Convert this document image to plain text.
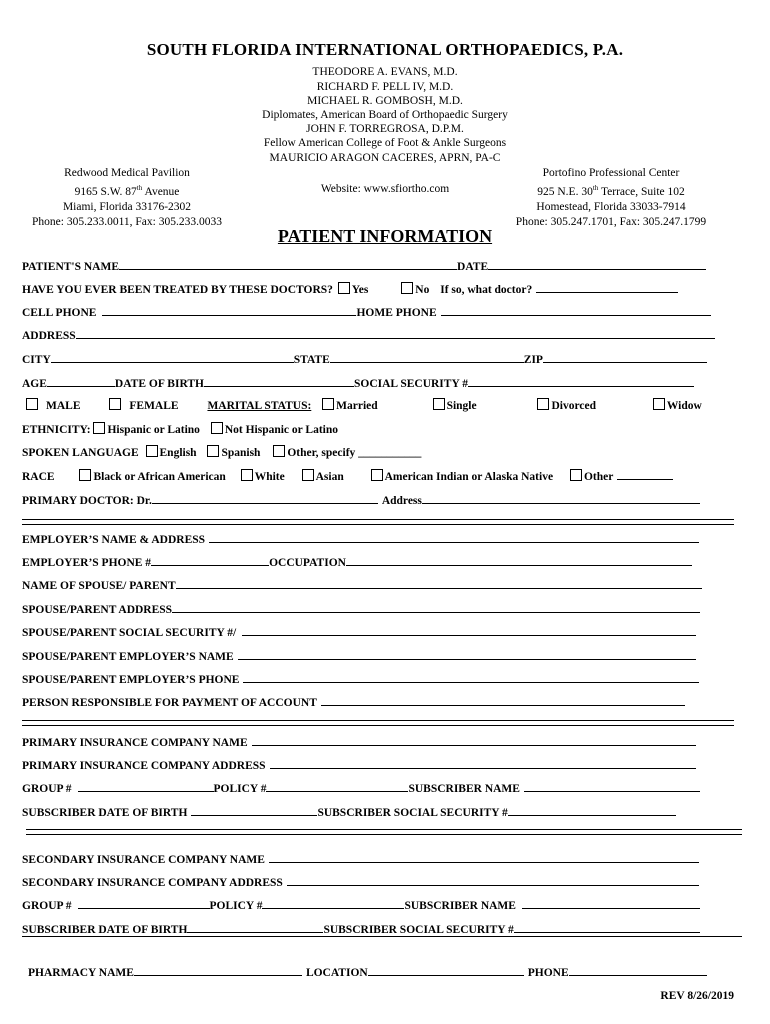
SOUTH FLORIDA INTERNATIONAL ORTHOPAEDICS, P.A.
THEODORE A. EVANS, M.D.
RICHARD F. PELL IV, M.D.
MICHAEL R. GOMBOSH, M.D.
Diplomates, American Board of Orthopaedic Surgery
JOHN F. TORREGROSA, D.P.M.
Fellow American College of Foot & Ankle Surgeons
MAURICIO ARAGON CACERES, APRN, PA-C
Redwood Medical Pavilion
9165 S.W. 87th Avenue
Miami, Florida 33176-2302
Phone: 305.233.0011, Fax: 305.233.0033
Website: www.sfiortho.com
Portofino Professional Center
925 N.E. 30th Terrace, Suite 102
Homestead, Florida 33033-7914
Phone: 305.247.1701, Fax: 305.247.1799
PATIENT INFORMATION
PATIENT'S NAME	DATE
HAVE YOU EVER BEEN TREATED BY THESE DOCTORS? Yes	No If so, what doctor?
CELL PHONE	HOME PHONE
ADDRESS
CITY	STATE	ZIP
AGE	DATE OF BIRTH	SOCIAL SECURITY #
MALE	FEMALE	MARITAL STATUS: Married	Single	Divorced	Widow
ETHNICITY: Hispanic or Latino Not Hispanic or Latino
SPOKEN LANGUAGE English Spanish Other, specify ___________
RACE	Black or African American	White	Asian	American Indian or Alaska Native	Other
PRIMARY DOCTOR: Dr.	Address
EMPLOYER’S NAME & ADDRESS
EMPLOYER’S PHONE #	OCCUPATION
NAME OF SPOUSE/ PARENT
SPOUSE/PARENT ADDRESS
SPOUSE/PARENT SOCIAL SECURITY #/
SPOUSE/PARENT EMPLOYER’S NAME
SPOUSE/PARENT EMPLOYER’S PHONE
PERSON RESPONSIBLE FOR PAYMENT OF ACCOUNT
PRIMARY INSURANCE COMPANY NAME
PRIMARY INSURANCE COMPANY ADDRESS
GROUP #	POLICY #	SUBSCRIBER NAME
SUBSCRIBER DATE OF BIRTH	SUBSCRIBER SOCIAL SECURITY #
SECONDARY INSURANCE COMPANY NAME
SECONDARY INSURANCE COMPANY ADDRESS
GROUP #	POLICY #	SUBSCRIBER NAME
SUBSCRIBER DATE OF BIRTH	SUBSCRIBER SOCIAL SECURITY #
PHARMACY NAME	LOCATION	PHONE
REV 8/26/2019
